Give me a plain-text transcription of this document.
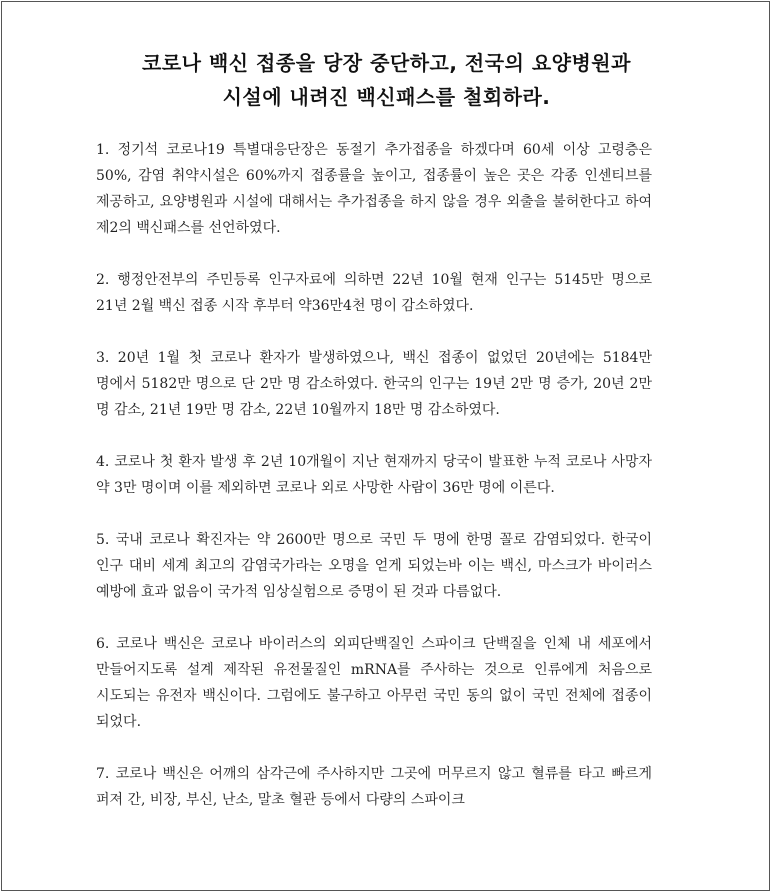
코로나 백신 접종을 당장 중단하고, 전국의 요양병원과
시설에 내려진 백신패스를 철회하라.

1. 정기석 코로나19 특별대응단장은 동절기 추가접종을 하겠다며 60세 이상 고령층은 50%, 감염 취약시설은 60%까지 접종률을 높이고, 접종률이 높은 곳은 각종 인센티브를 제공하고, 요양병원과 시설에 대해서는 추가접종을 하지 않을 경우 외출을 불허한다고 하여 제2의 백신패스를 선언하였다.

2. 행정안전부의 주민등록 인구자료에 의하면 22년 10월 현재 인구는 5145만 명으로 21년 2월 백신 접종 시작 후부터 약36만4천 명이 감소하였다.

3. 20년 1월 첫 코로나 환자가 발생하였으나, 백신 접종이 없었던 20년에는 5184만 명에서 5182만 명으로 단 2만 명 감소하였다. 한국의 인구는 19년 2만 명 증가, 20년 2만 명 감소, 21년 19만 명 감소, 22년 10월까지 18만 명 감소하였다.

4. 코로나 첫 환자 발생 후 2년 10개월이 지난 현재까지 당국이 발표한 누적 코로나 사망자 약 3만 명이며 이를 제외하면 코로나 외로 사망한 사람이 36만 명에 이른다.

5. 국내 코로나 확진자는 약 2600만 명으로 국민 두 명에 한명 꼴로 감염되었다. 한국이 인구 대비 세계 최고의 감염국가라는 오명을 얻게 되었는바 이는 백신, 마스크가 바이러스 예방에 효과 없음이 국가적 임상실험으로 증명이 된 것과 다름없다.

6. 코로나 백신은 코로나 바이러스의 외피단백질인 스파이크 단백질을 인체 내 세포에서 만들어지도록 설계 제작된 유전물질인 mRNA를 주사하는 것으로 인류에게 처음으로 시도되는 유전자 백신이다. 그럼에도 불구하고 아무런 국민 동의 없이 국민 전체에 접종이 되었다.

7. 코로나 백신은 어깨의 삼각근에 주사하지만 그곳에 머무르지 않고 혈류를 타고 빠르게 퍼져 간, 비장, 부신, 난소, 말초 혈관 등에서 다량의 스파이크
